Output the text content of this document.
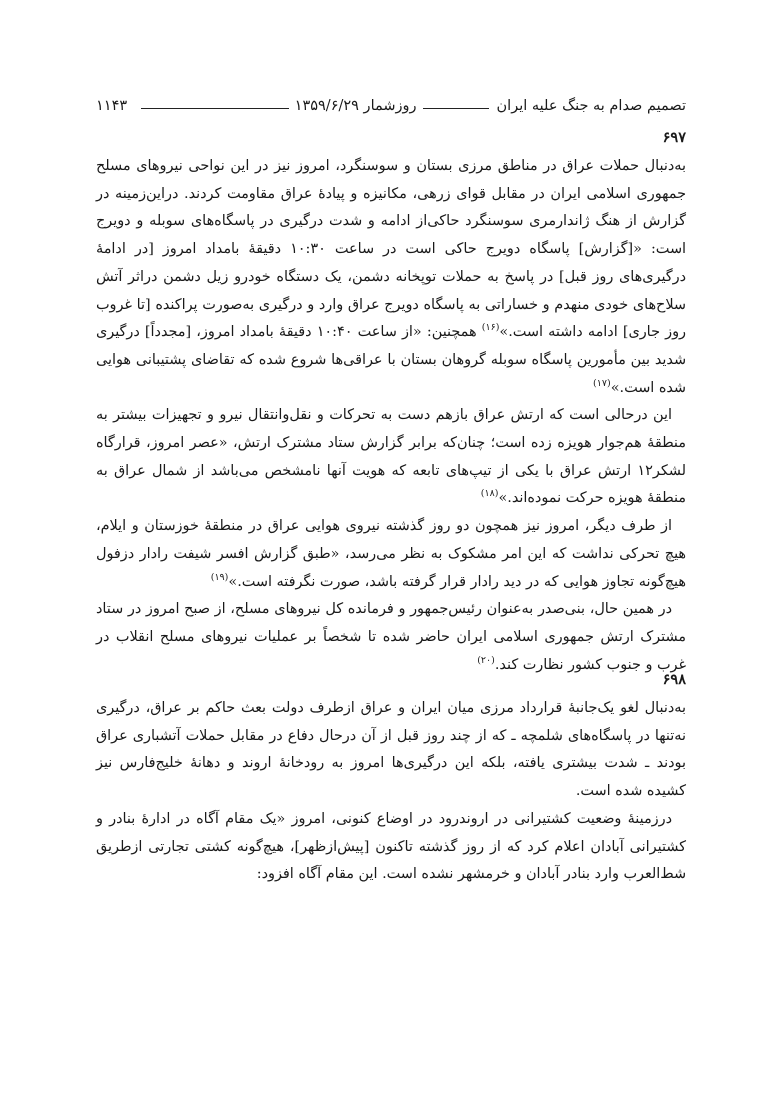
تصمیم صدام به جنگ علیه ایران
روزشمار ۱۳۵۹/۶/۲۹
۱۱۴۳
۶۹۷

به‌دنبال حملات عراق در مناطق مرزی بستان و سوسنگرد، امروز نیز در این نواحی نیروهای مسلح جمهوری اسلامی ایران در مقابل قوای زرهی، مکانیزه و پیادهٔ عراق مقاومت کردند. دراین‌زمینه در گزارش از هنگ ژاندارمری سوسنگرد حاکی‌از ادامه و شدت درگیری در پاسگاه‌های سوبله و دویرج است: «[گزارش] پاسگاه دویرج حاکی است در ساعت ۱۰:۳۰ دقیقهٔ بامداد امروز [در ادامهٔ درگیری‌های روز قبل] در پاسخ به حملات توپخانه دشمن، یک دستگاه خودرو زیل دشمن دراثر آتش سلاح‌های خودی منهدم و خساراتی به پاسگاه دویرج عراق وارد و درگیری به‌صورت پراکنده [تا غروب روز جاری] ادامه داشته است.»$^{(۱۶)}$ همچنین: «از ساعت ۱۰:۴۰ دقیقهٔ بامداد امروز، [مجدداً] درگیری شدید بین مأمورین پاسگاه سوبله گروهان بستان با عراقی‌ها شروع شده که تقاضای پشتیبانی هوایی شده است.»$^{(۱۷)}$

این درحالی است که ارتش عراق بازهم دست به تحرکات و نقل‌وانتقال نیرو و تجهیزات بیشتر به منطقهٔ هم‌جوار هویزه زده است؛ چنان‌که برابر گزارش ستاد مشترک ارتش، «عصر امروز، قرارگاه لشکر۱۲ ارتش عراق با یکی از تیپ‌های تابعه که هویت آنها نامشخص می‌باشد از شمال عراق به منطقهٔ هویزه حرکت نموده‌اند.»$^{(۱۸)}$

از طرف دیگر، امروز نیز همچون دو روز گذشته نیروی هوایی عراق در منطقهٔ خوزستان و ایلام، هیچ تحرکی نداشت که این امر مشکوک به نظر می‌رسد، «طبق گزارش افسر شیفت رادار دزفول هیچ‌گونه تجاوز هوایی که در دید رادار قرار گرفته باشد، صورت نگرفته است.»$^{(۱۹)}$

در همین حال، بنی‌صدر به‌عنوان رئیس‌جمهور و فرمانده کل نیروهای مسلح، از صبح امروز در ستاد مشترک ارتش جمهوری اسلامی ایران حاضر شده تا شخصاً بر عملیات نیروهای مسلح انقلاب در غرب و جنوب کشور نظارت کند.$^{(۲۰)}$

۶۹۸

به‌دنبال لغو یک‌جانبهٔ قرارداد مرزی میان ایران و عراق ازطرف دولت بعث حاکم بر عراق، درگیری نه‌تنها در پاسگاه‌های شلمچه ـ که از چند روز قبل از آن درحال دفاع در مقابل حملات آتشباری عراق بودند ـ شدت بیشتری یافته، بلکه این درگیری‌ها امروز به رودخانهٔ اروند و دهانهٔ خلیج‌فارس نیز کشیده شده است.

درزمینهٔ وضعیت کشتیرانی در اروندرود در اوضاع کنونی، امروز «یک مقام آگاه در ادارهٔ بنادر و کشتیرانی آبادان اعلام کرد که از روز گذشته تاکنون [پیش‌ازظهر]، هیچ‌گونه کشتی تجارتی ازطریق شط‌العرب وارد بنادر آبادان و خرمشهر نشده است. این مقام آگاه افزود:
